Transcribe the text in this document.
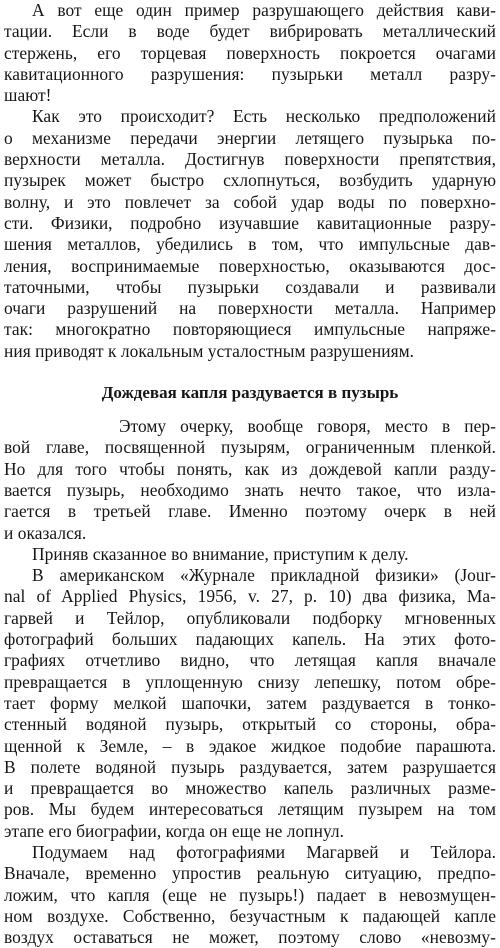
А вот еще один пример разрушающего действия кави-
тации. Если в воде будет вибрировать металлический
стержень, его торцевая поверхность покроется очагами
кавитационного разрушения: пузырьки металл разру-
шают!
Как это происходит? Есть несколько предположений
о механизме передачи энергии летящего пузырька по-
верхности металла. Достигнув поверхности препятствия,
пузырек может быстро схлопнуться, возбудить ударную
волну, и это повлечет за собой удар воды по поверхно-
сти. Физики, подробно изучавшие кавитационные разру-
шения металлов, убедились в том, что импульсные дав-
ления, воспринимаемые поверхностью, оказываются дос-
таточными, чтобы пузырьки создавали и развивали
очаги разрушений на поверхности металла. Например
так: многократно повторяющиеся импульсные напряже-
ния приводят к локальным усталостным разрушениям.
Дождевая капля раздувается в пузырь
Этому очерку, вообще говоря, место в пер-
вой главе, посвященной пузырям, ограниченным пленкой.
Но для того чтобы понять, как из дождевой капли разду-
вается пузырь, необходимо знать нечто такое, что изла-
гается в третьей главе. Именно поэтому очерк в ней
и оказался.
Приняв сказанное во внимание, приступим к делу.
В американском «Журнале прикладной физики» (Jour-
nal of Applied Physics, 1956, v. 27, p. 10) два физика, Ма-
гарвей и Тейлор, опубликовали подборку мгновенных
фотографий больших падающих капель. На этих фото-
графиях отчетливо видно, что летящая капля вначале
превращается в уплощенную снизу лепешку, потом обре-
тает форму мелкой шапочки, затем раздувается в тонко-
стенный водяной пузырь, открытый со стороны, обра-
щенной к Земле, – в эдакое жидкое подобие парашюта.
В полете водяной пузырь раздувается, затем разрушается
и превращается во множество капель различных разме-
ров. Мы будем интересоваться летящим пузырем на том
этапе его биографии, когда он еще не лопнул.
Подумаем над фотографиями Магарвей и Тейлора.
Вначале, временно упростив реальную ситуацию, предпо-
ложим, что капля (еще не пузырь!) падает в невозмущен-
ном воздухе. Собственно, безучастным к падающей капле
воздух оставаться не может, поэтому слово «невозму-
